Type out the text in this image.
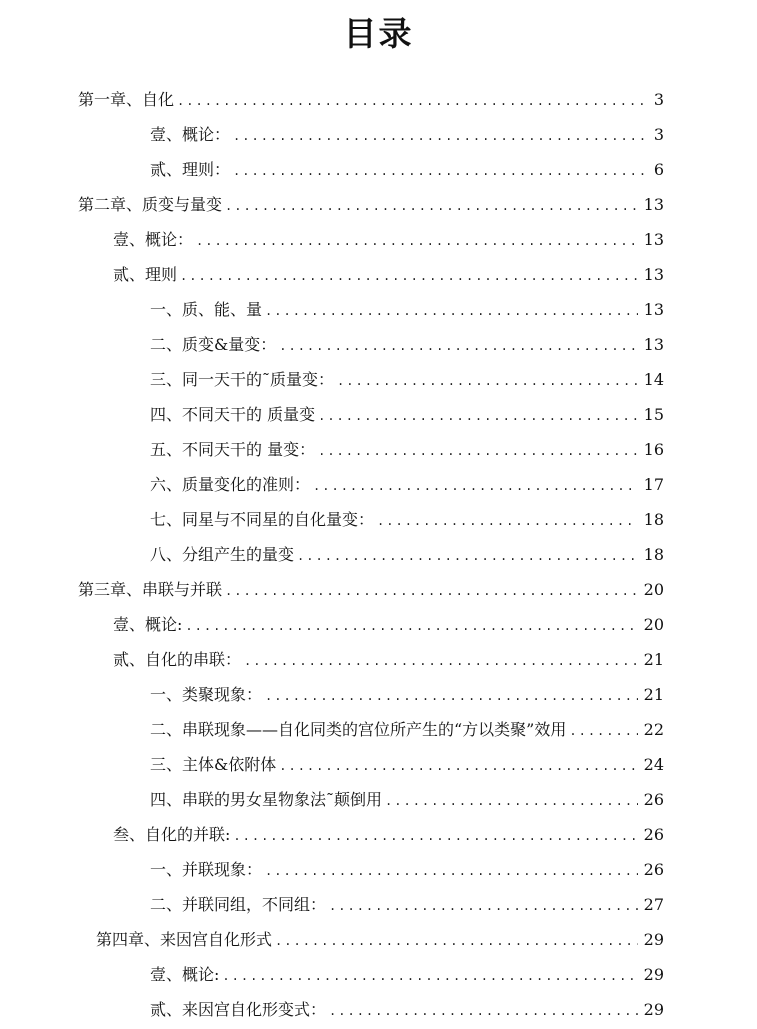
目录
第一章、自化 .....	3
壹、概论： .....	3
贰、理则： .....	6
第二章、质变与量变 .....	13
壹、概论： .....	13
贰、理则 .....	13
一、质、能、量 .....	13
二、质变&量变： .....	13
三、同一天干的˜质量变： .....	14
四、不同天干的 质量变 .....	15
五、不同天干的 量变： .....	16
六、质量变化的准则： .....	17
七、同星与不同星的自化量变： .....	18
八、分组产生的量变 .....	18
第三章、串联与并联 .....	20
壹、概论: .....	20
贰、自化的串联： .....	21
一、类聚现象： .....	21
二、串联现象——自化同类的宫位所产生的“方以类聚”效用 .....	22
三、主体&依附体 .....	24
四、串联的男女星物象法˜颠倒用 .....	26
叁、自化的并联: .....	26
一、并联现象： .....	26
二、并联同组，不同组： .....	27
第四章、来因宫自化形式 .....	29
壹、概论: .....	29
贰、来因宫自化形变式： .....	29
